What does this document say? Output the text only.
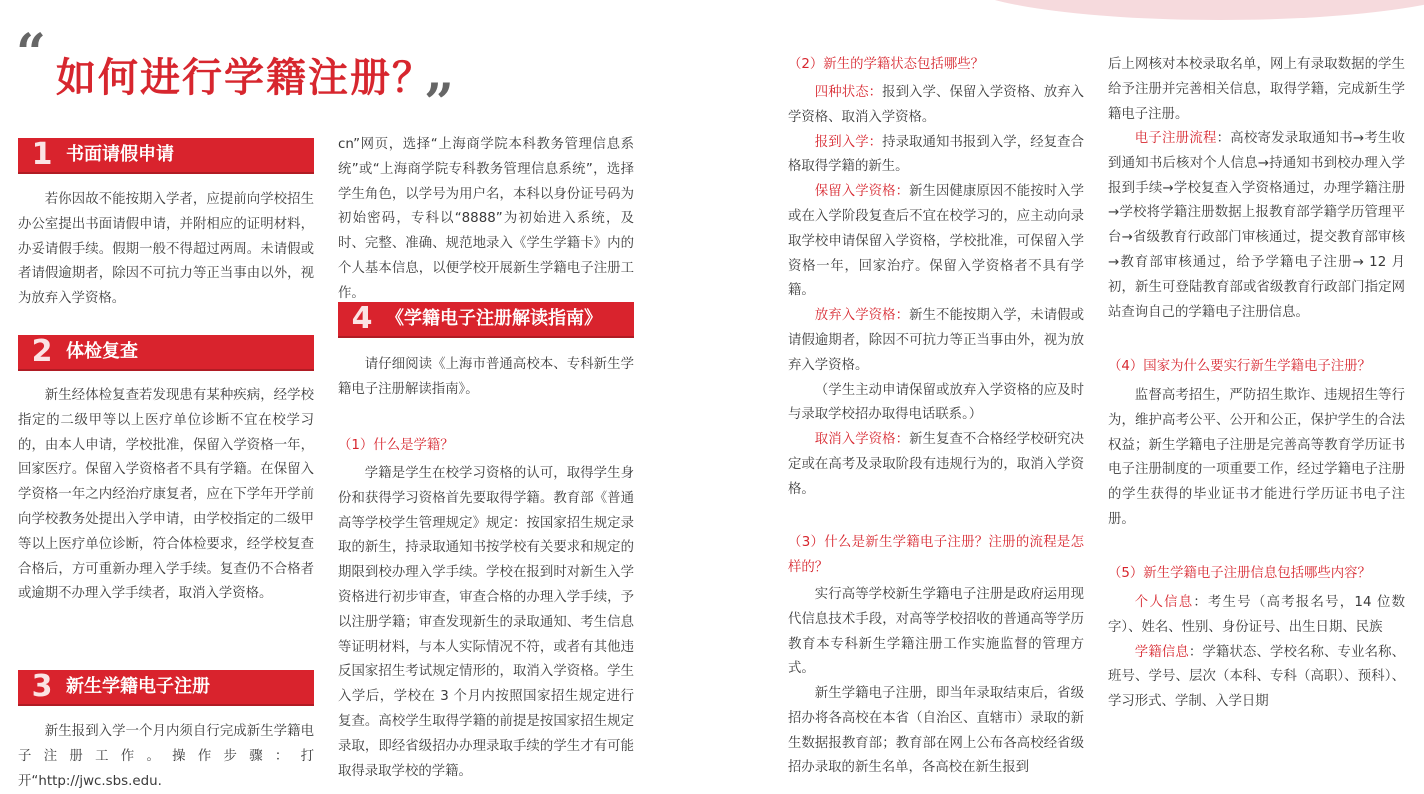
“ 如何进行学籍注册？
”
1 书面请假申请

若你因故不能按期入学者，应提前向学校招生办公室提出书面请假申请，并附相应的证明材料，办妥请假手续。假期一般不得超过两周。未请假或者请假逾期者，除因不可抗力等正当事由以外，视为放弃入学资格。

2 体检复查

新生经体检复查若发现患有某种疾病，经学校指定的二级甲等以上医疗单位诊断不宜在校学习的，由本人申请，学校批准，保留入学资格一年，回家医疗。保留入学资格者不具有学籍。在保留入学资格一年之内经治疗康复者，应在下学年开学前向学校教务处提出入学申请，由学校指定的二级甲等以上医疗单位诊断，符合体检要求，经学校复查合格后，方可重新办理入学手续。复查仍不合格者或逾期不办理入学手续者，取消入学资格。

3 新生学籍电子注册

新生报到入学一个月内须自行完成新生学籍电子注册工作。操作步骤：打开“http://jwc.sbs.edu.

cn”网页，选择“上海商学院本科教务管理信息系统”或“上海商学院专科教务管理信息系统”，选择学生角色，以学号为用户名，本科以身份证号码为初始密码，专科以“8888”为初始进入系统，及时、完整、准确、规范地录入《学生学籍卡》内的个人基本信息，以便学校开展新生学籍电子注册工作。

4 《学籍电子注册解读指南》

请仔细阅读《上海市普通高校本、专科新生学籍电子注册解读指南》。

（1）什么是学籍？

学籍是学生在校学习资格的认可，取得学生身份和获得学习资格首先要取得学籍。教育部《普通高等学校学生管理规定》规定：按国家招生规定录取的新生，持录取通知书按学校有关要求和规定的期限到校办理入学手续。学校在报到时对新生入学资格进行初步审查，审查合格的办理入学手续，予以注册学籍；审查发现新生的录取通知、考生信息等证明材料，与本人实际情况不符，或者有其他违反国家招生考试规定情形的，取消入学资格。学生入学后，学校在 3 个月内按照国家招生规定进行复查。高校学生取得学籍的前提是按国家招生规定录取，即经省级招办办理录取手续的学生才有可能取得录取学校的学籍。

（2）新生的学籍状态包括哪些？

四种状态：报到入学、保留入学资格、放弃入学资格、取消入学资格。

报到入学：持录取通知书报到入学，经复查合格取得学籍的新生。

保留入学资格：新生因健康原因不能按时入学或在入学阶段复查后不宜在校学习的，应主动向录取学校申请保留入学资格，学校批准，可保留入学资格一年，回家治疗。保留入学资格者不具有学籍。

放弃入学资格：新生不能按期入学，未请假或请假逾期者，除因不可抗力等正当事由外，视为放弃入学资格。

（学生主动申请保留或放弃入学资格的应及时与录取学校招办取得电话联系。）

取消入学资格：新生复查不合格经学校研究决定或在高考及录取阶段有违规行为的，取消入学资格。

（3）什么是新生学籍电子注册？注册的流程是怎样的？

实行高等学校新生学籍电子注册是政府运用现代信息技术手段，对高等学校招收的普通高等学历教育本专科新生学籍注册工作实施监督的管理方式。

新生学籍电子注册，即当年录取结束后，省级招办将各高校在本省（自治区、直辖市）录取的新生数据报教育部；教育部在网上公布各高校经省级招办录取的新生名单，各高校在新生报到

后上网核对本校录取名单，网上有录取数据的学生给予注册并完善相关信息，取得学籍，完成新生学籍电子注册。

电子注册流程：高校寄发录取通知书→考生收到通知书后核对个人信息→持通知书到校办理入学报到手续→学校复查入学资格通过，办理学籍注册→学校将学籍注册数据上报教育部学籍学历管理平台→省级教育行政部门审核通过，提交教育部审核→教育部审核通过，给予学籍电子注册→ 12 月初，新生可登陆教育部或省级教育行政部门指定网站查询自己的学籍电子注册信息。

（4）国家为什么要实行新生学籍电子注册？

监督高考招生，严防招生欺诈、违规招生等行为，维护高考公平、公开和公正，保护学生的合法权益；新生学籍电子注册是完善高等教育学历证书电子注册制度的一项重要工作，经过学籍电子注册的学生获得的毕业证书才能进行学历证书电子注册。

（5）新生学籍电子注册信息包括哪些内容？

个人信息：考生号（高考报名号，14 位数字）、姓名、性别、身份证号、出生日期、民族

学籍信息：学籍状态、学校名称、专业名称、班号、学号、层次（本科、专科（高职）、预科）、学习形式、学制、入学日期
